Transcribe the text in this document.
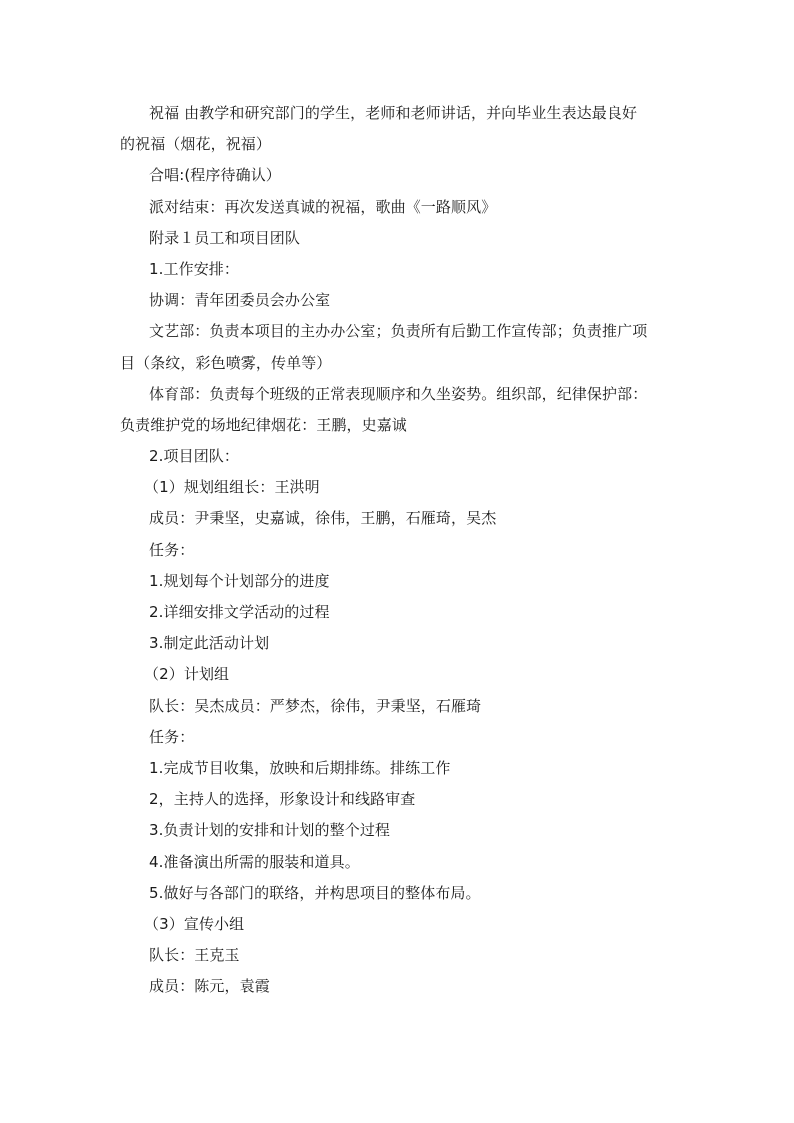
祝福 由教学和研究部门的学生，老师和老师讲话，并向毕业生表达最良好
的祝福（烟花，祝福）
合唱:(程序待确认）
派对结束：再次发送真诚的祝福，歌曲《一路顺风》
附录１员工和项目团队
1.工作安排：
协调：青年团委员会办公室
文艺部：负责本项目的主办办公室；负责所有后勤工作宣传部；负责推广项
目（条纹，彩色喷雾，传单等）
体育部：负责每个班级的正常表现顺序和久坐姿势。组织部，纪律保护部：
负责维护党的场地纪律烟花：王鹏，史嘉诚
2.项目团队：
（1）规划组组长：王洪明
成员：尹秉坚，史嘉诚，徐伟，王鹏，石雁琦，吴杰
任务：
1.规划每个计划部分的进度
2.详细安排文学活动的过程
3.制定此活动计划
（2）计划组
队长：吴杰成员：严梦杰，徐伟，尹秉坚，石雁琦
任务：
1.完成节目收集，放映和后期排练。排练工作
2，主持人的选择，形象设计和线路审查
3.负责计划的安排和计划的整个过程
4.准备演出所需的服装和道具。
5.做好与各部门的联络，并构思项目的整体布局。
（3）宣传小组
队长：王克玉
成员：陈元，袁霞
